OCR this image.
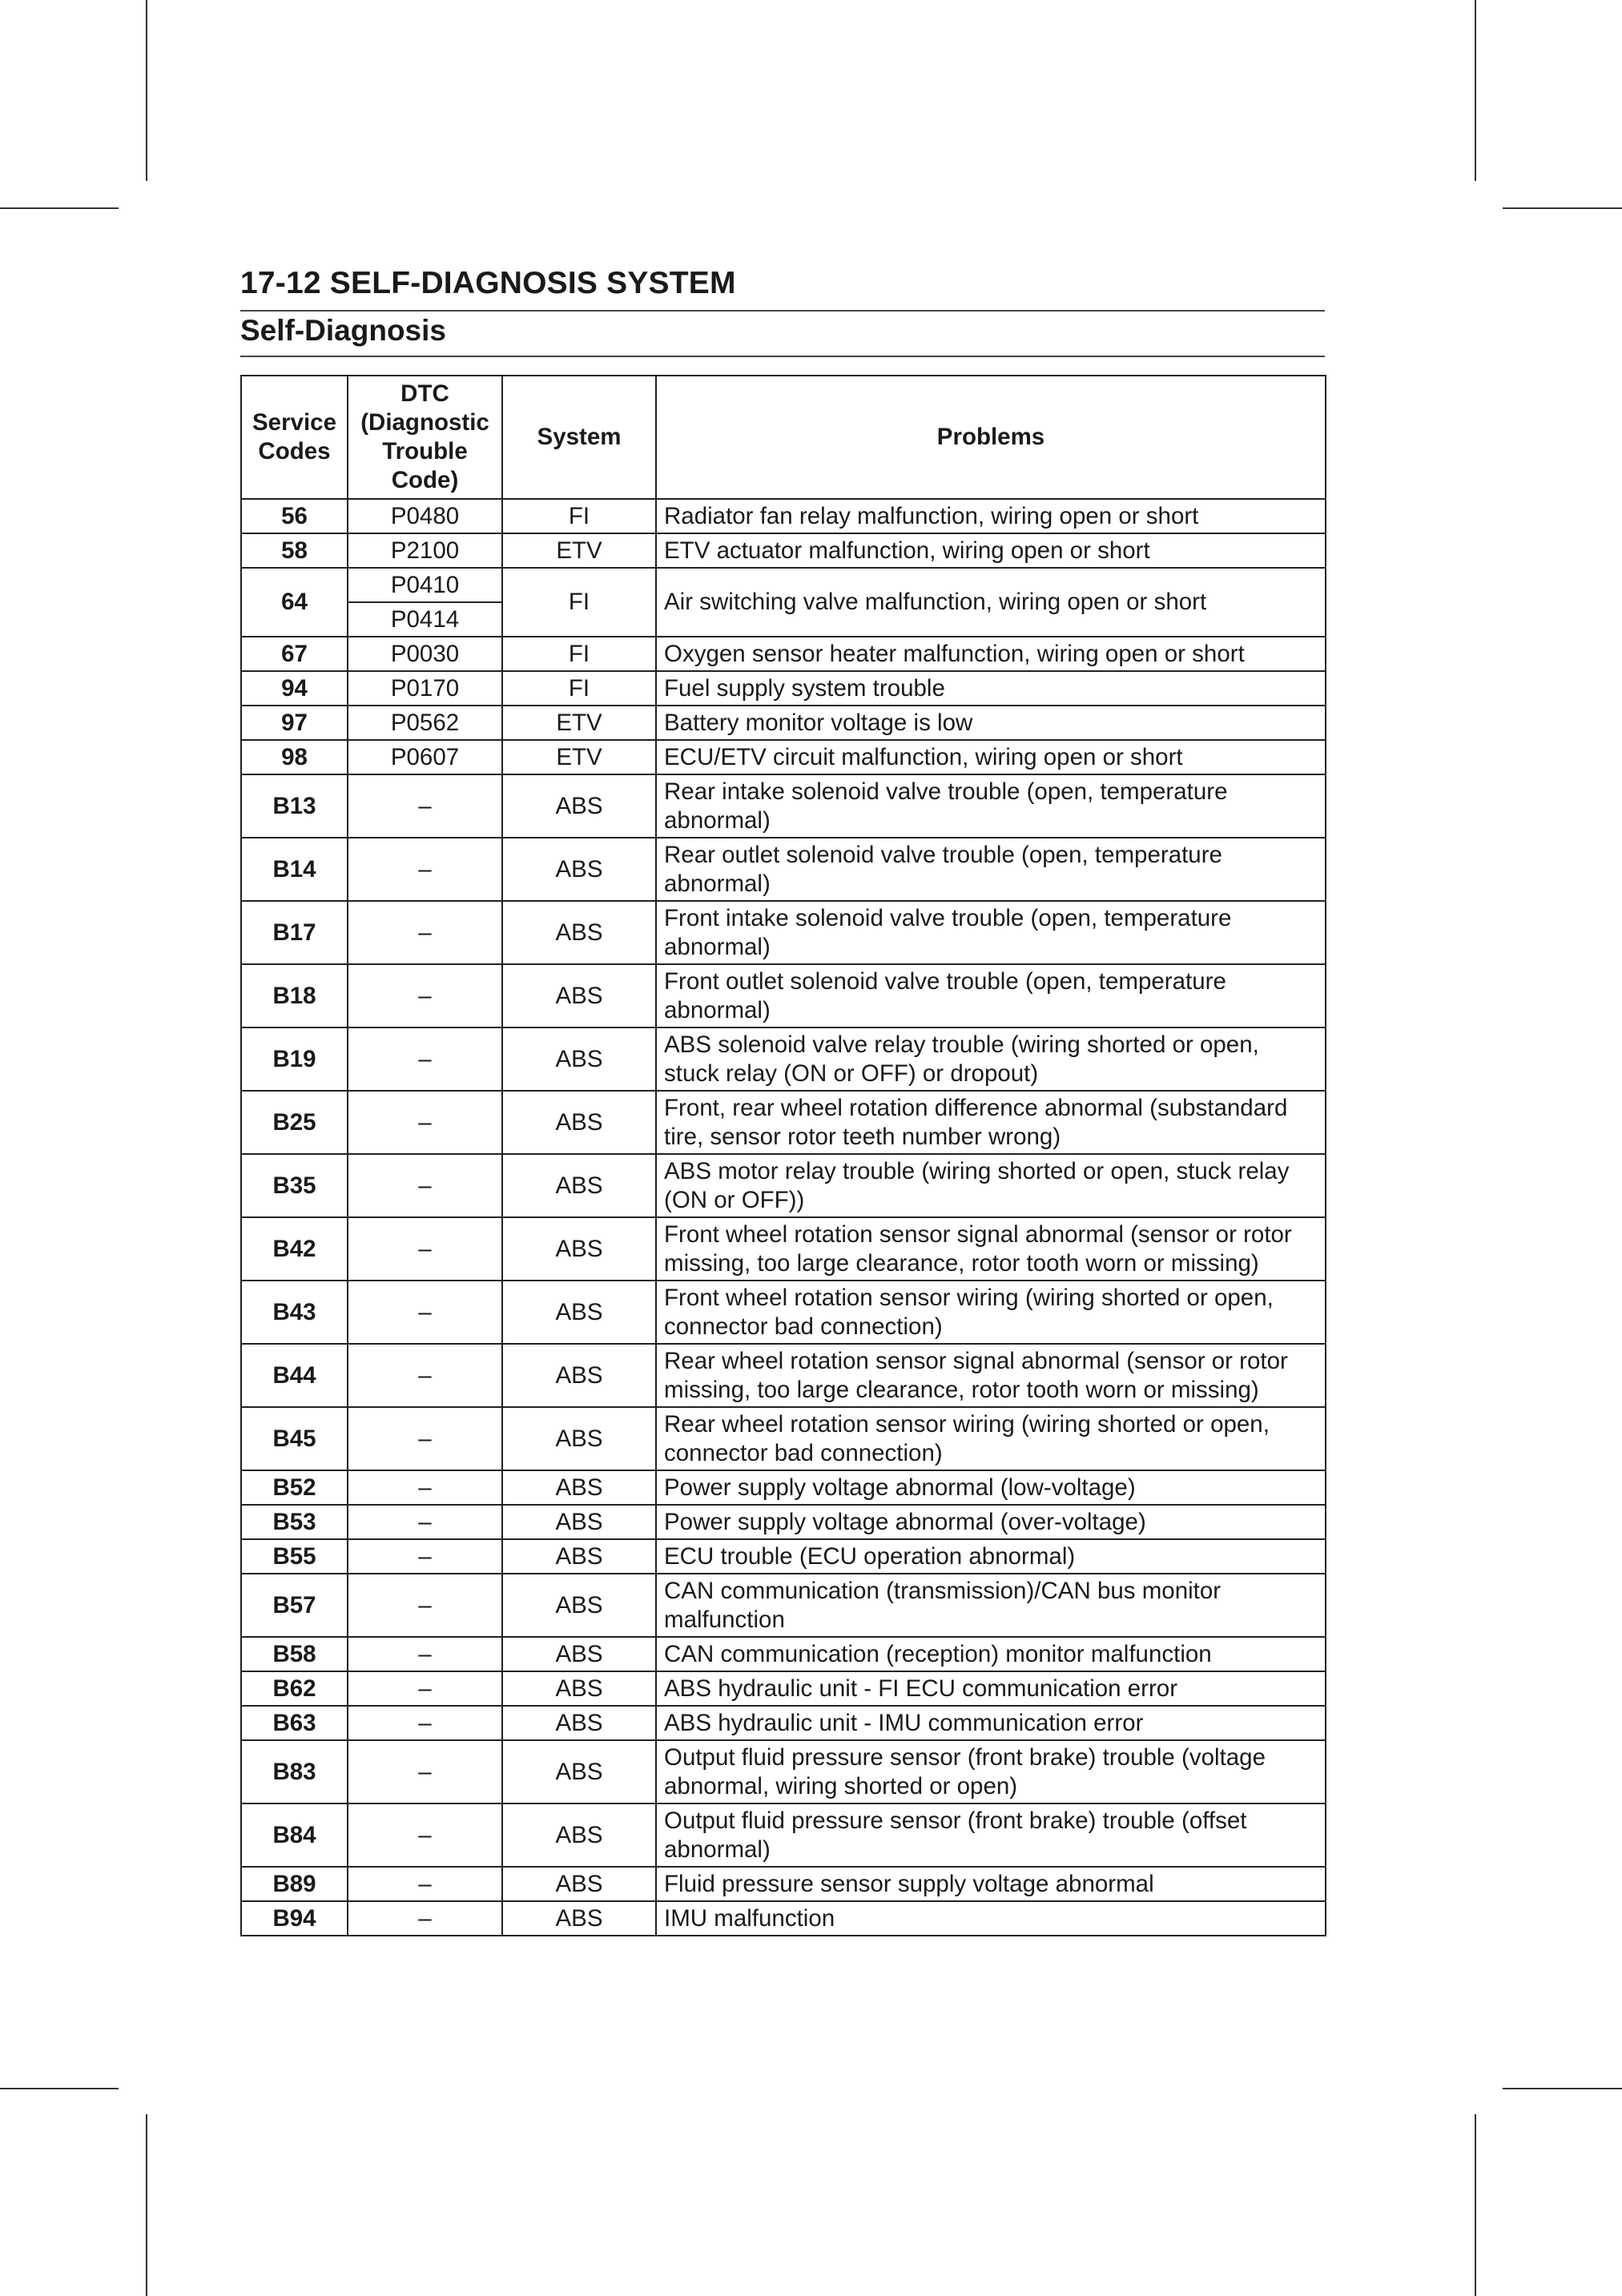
17-12 SELF-DIAGNOSIS SYSTEM
Self-Diagnosis
Service Codes	DTC (Diagnostic Trouble Code)	System	Problems
56	P0480	FI	Radiator fan relay malfunction, wiring open or short
58	P2100	ETV	ETV actuator malfunction, wiring open or short
64	P0410	FI	Air switching valve malfunction, wiring open or short
	P0414		
67	P0030	FI	Oxygen sensor heater malfunction, wiring open or short
94	P0170	FI	Fuel supply system trouble
97	P0562	ETV	Battery monitor voltage is low
98	P0607	ETV	ECU/ETV circuit malfunction, wiring open or short
B13	–	ABS	Rear intake solenoid valve trouble (open, temperature abnormal)
B14	–	ABS	Rear outlet solenoid valve trouble (open, temperature abnormal)
B17	–	ABS	Front intake solenoid valve trouble (open, temperature abnormal)
B18	–	ABS	Front outlet solenoid valve trouble (open, temperature abnormal)
B19	–	ABS	ABS solenoid valve relay trouble (wiring shorted or open, stuck relay (ON or OFF) or dropout)
B25	–	ABS	Front, rear wheel rotation difference abnormal (substandard tire, sensor rotor teeth number wrong)
B35	–	ABS	ABS motor relay trouble (wiring shorted or open, stuck relay (ON or OFF))
B42	–	ABS	Front wheel rotation sensor signal abnormal (sensor or rotor missing, too large clearance, rotor tooth worn or missing)
B43	–	ABS	Front wheel rotation sensor wiring (wiring shorted or open, connector bad connection)
B44	–	ABS	Rear wheel rotation sensor signal abnormal (sensor or rotor missing, too large clearance, rotor tooth worn or missing)
B45	–	ABS	Rear wheel rotation sensor wiring (wiring shorted or open, connector bad connection)
B52	–	ABS	Power supply voltage abnormal (low-voltage)
B53	–	ABS	Power supply voltage abnormal (over-voltage)
B55	–	ABS	ECU trouble (ECU operation abnormal)
B57	–	ABS	CAN communication (transmission)/CAN bus monitor malfunction
B58	–	ABS	CAN communication (reception) monitor malfunction
B62	–	ABS	ABS hydraulic unit - FI ECU communication error
B63	–	ABS	ABS hydraulic unit - IMU communication error
B83	–	ABS	Output fluid pressure sensor (front brake) trouble (voltage abnormal, wiring shorted or open)
B84	–	ABS	Output fluid pressure sensor (front brake) trouble (offset abnormal)
B89	–	ABS	Fluid pressure sensor supply voltage abnormal
B94	–	ABS	IMU malfunction
